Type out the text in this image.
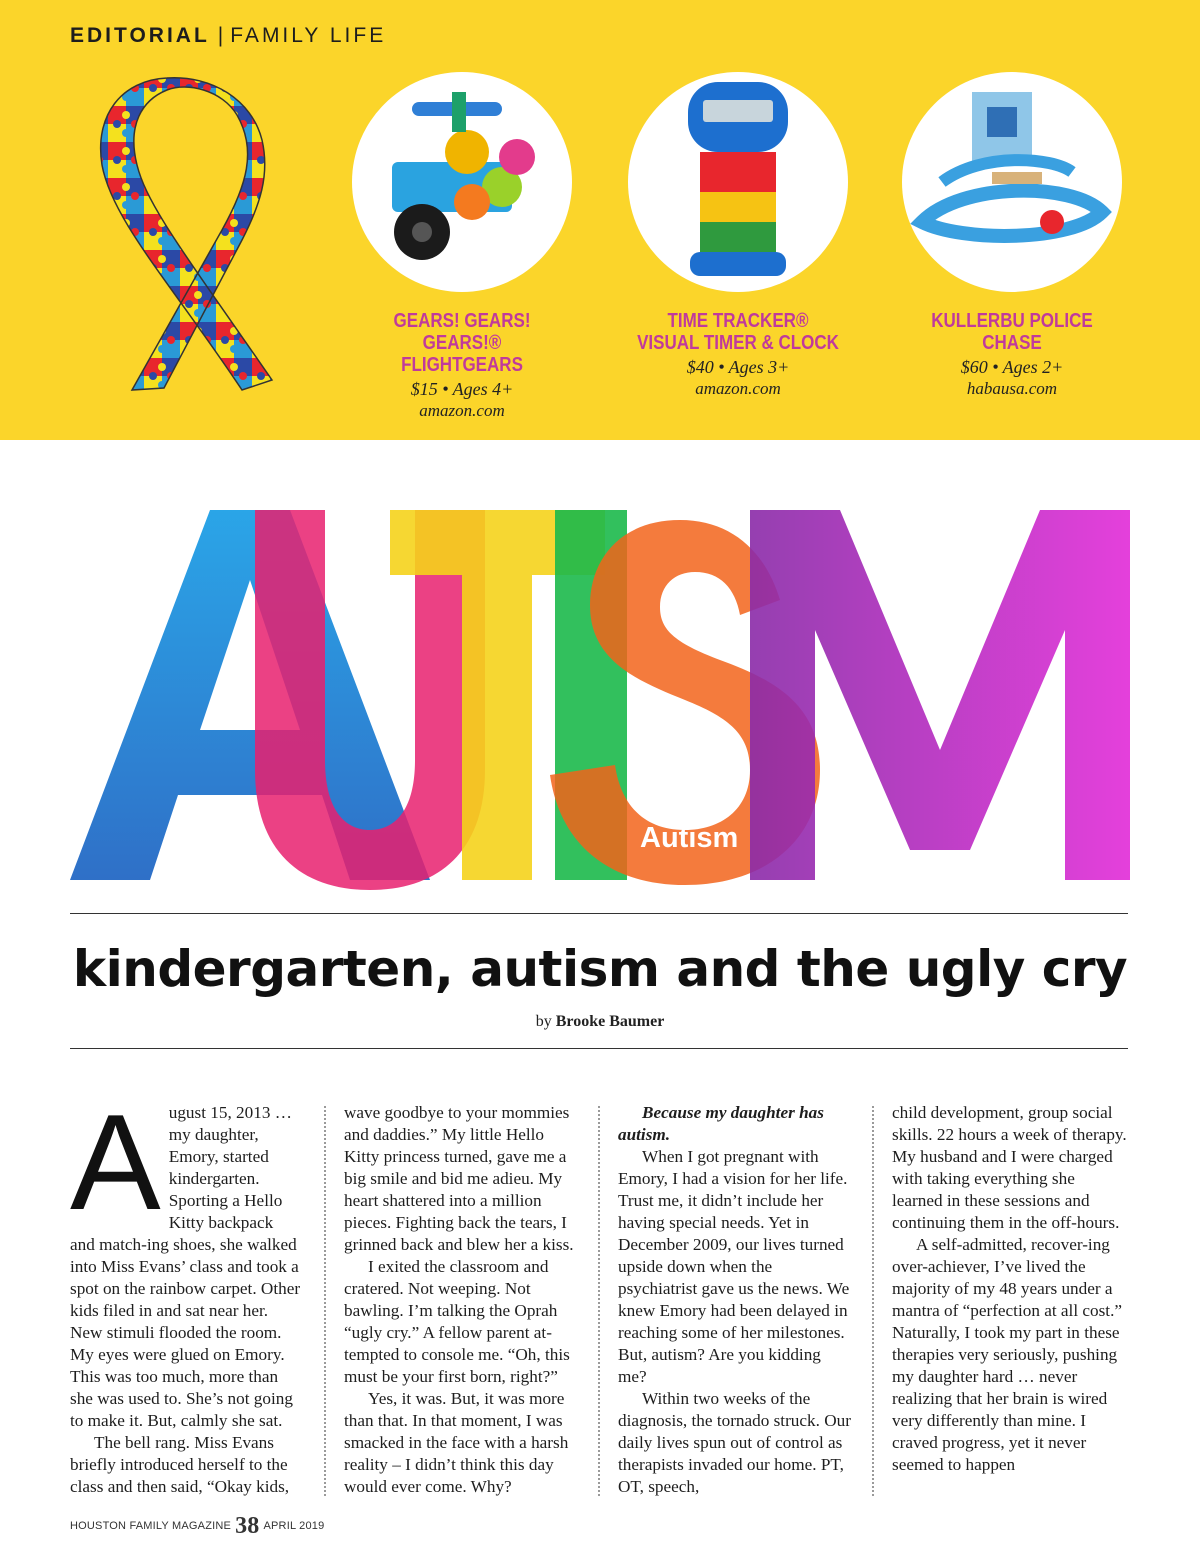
EDITORIAL | FAMILY LIFE
GEARS! GEARS! GEARS!® FLIGHTGEARS
$15 • Ages 4+
amazon.com
TIME TRACKER® VISUAL TIMER & CLOCK
$40 • Ages 3+
amazon.com
KULLERBU POLICE CHASE
$60 • Ages 2+
habausa.com
Autism
kindergarten, autism and the ugly cry
by Brooke Baumer
A ugust 15, 2013 … my daughter, Emory, started kindergarten. Sporting a Hello Kitty backpack and match-ing shoes, she walked into Miss Evans’ class and took a spot on the rainbow carpet. Other kids filed in and sat near her. New stimuli flooded the room. My eyes were glued on Emory. This was too much, more than she was used to. She’s not going to make it. But, calmly she sat.

The bell rang. Miss Evans briefly introduced herself to the class and then said, “Okay kids,

wave goodbye to your mommies and daddies.” My little Hello Kitty princess turned, gave me a big smile and bid me adieu. My heart shattered into a million pieces. Fighting back the tears, I grinned back and blew her a kiss.

I exited the classroom and cratered. Not weeping. Not bawling. I’m talking the Oprah “ugly cry.” A fellow parent at-tempted to console me. “Oh, this must be your first born, right?”

Yes, it was. But, it was more than that. In that moment, I was smacked in the face with a harsh reality – I didn’t think this day would ever come. Why?

Because my daughter has autism.

When I got pregnant with Emory, I had a vision for her life. Trust me, it didn’t include her having special needs. Yet in December 2009, our lives turned upside down when the psychiatrist gave us the news. We knew Emory had been delayed in reaching some of her milestones. But, autism? Are you kidding me?

Within two weeks of the diagnosis, the tornado struck. Our daily lives spun out of control as therapists invaded our home. PT, OT, speech,

child development, group social skills. 22 hours a week of therapy. My husband and I were charged with taking everything she learned in these sessions and continuing them in the off-hours.

A self-admitted, recover-ing over-achiever, I’ve lived the majority of my 48 years under a mantra of “perfection at all cost.” Naturally, I took my part in these therapies very seriously, pushing my daughter hard … never realizing that her brain is wired very differently than mine. I craved progress, yet it never seemed to happen

HOUSTON FAMILY MAGAZINE 38 APRIL 2019
